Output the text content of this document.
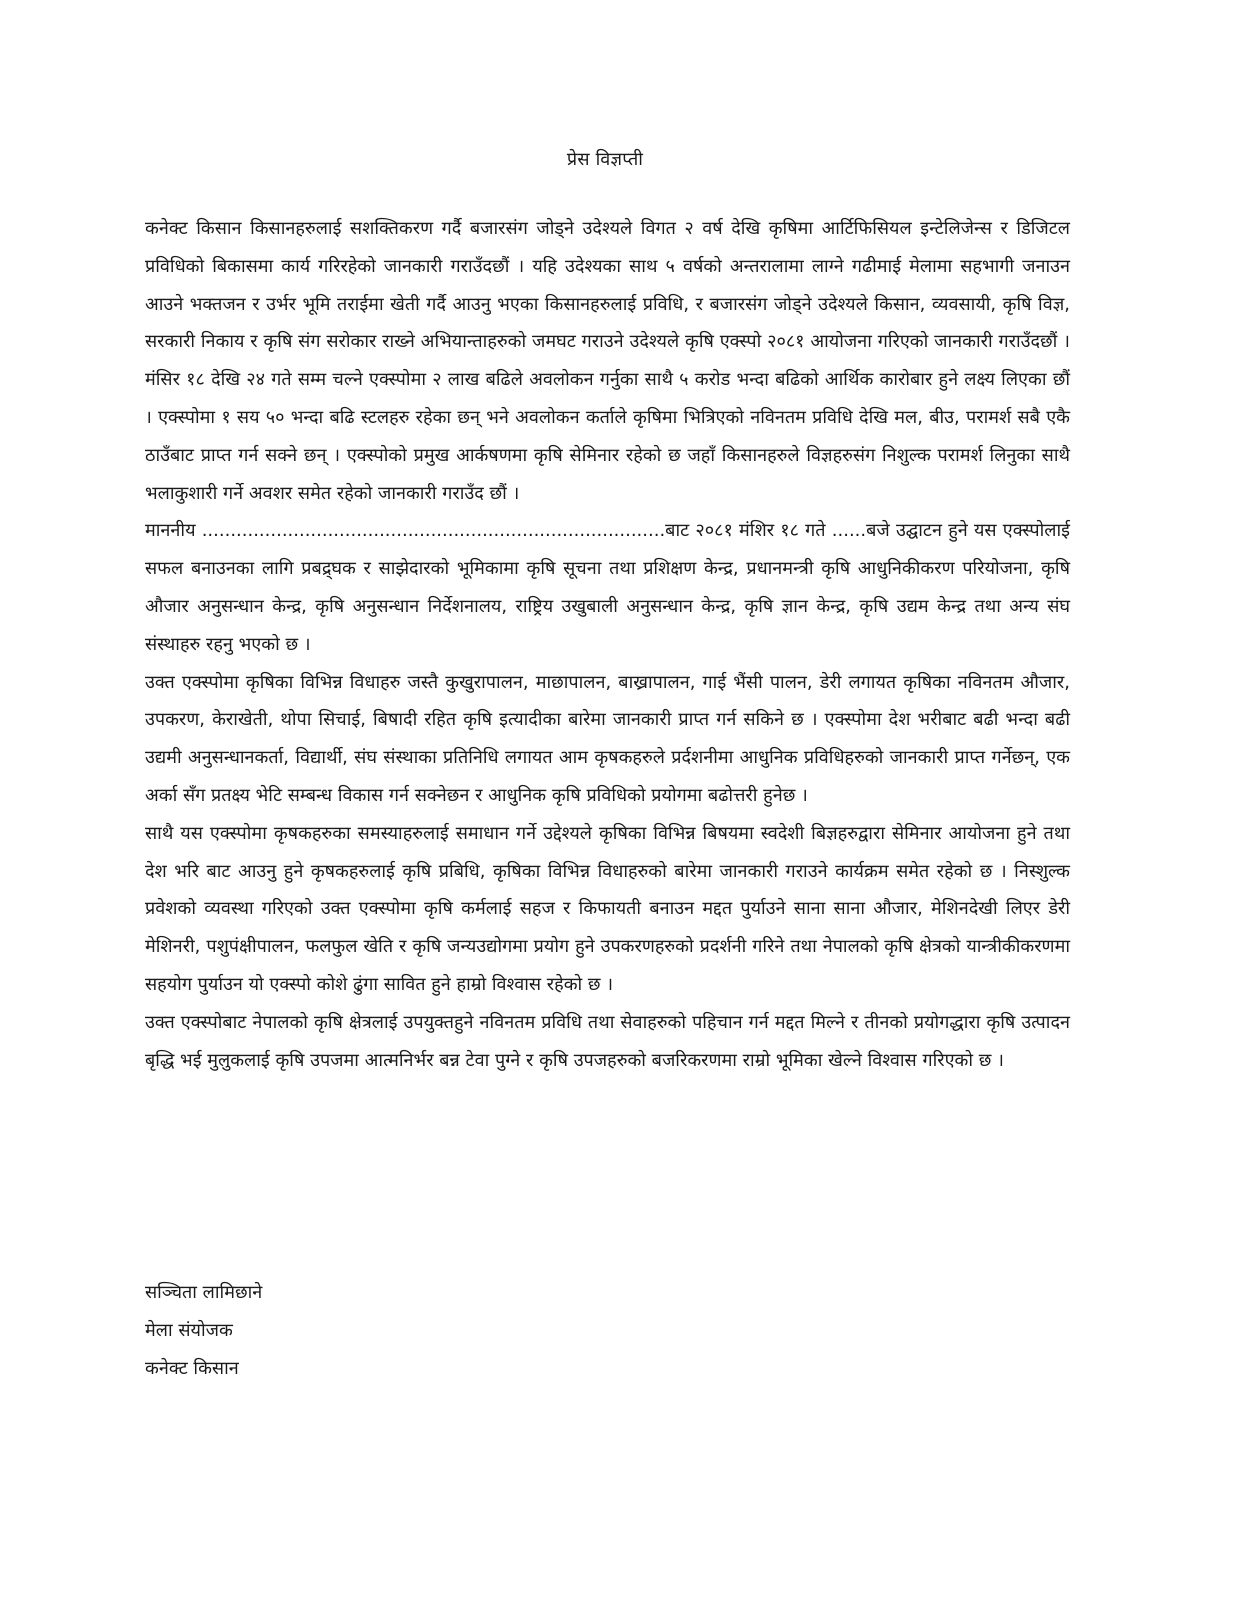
प्रेस विज्ञप्ती

कनेक्ट किसान किसानहरुलाई सशक्तिकरण गर्दै बजारसंग जोड्ने उदेश्यले विगत २ वर्ष देखि कृषिमा आर्टिफिसियल इन्टेलिजेन्स र डिजिटल प्रविधिको बिकासमा कार्य गरिरहेको जानकारी गराउँदछौं । यहि उदेश्यका साथ ५ वर्षको अन्तरालामा लाग्ने गढीमाई मेलामा सहभागी जनाउन आउने भक्तजन र उर्भर भूमि तराईमा खेती गर्दै आउनु भएका किसानहरुलाई प्रविधि, र बजारसंग जोड्ने उदेश्यले किसान, व्यवसायी, कृषि विज्ञ, सरकारी निकाय र कृषि संग सरोकार राख्ने अभियान्ताहरुको जमघट गराउने उदेश्यले कृषि एक्स्पो २०८१ आयोजना गरिएको जानकारी गराउँदछौं । मंसिर १८ देखि २४ गते सम्म चल्ने एक्स्पोमा २ लाख बढिले अवलोकन गर्नुका साथै ५ करोड भन्दा बढिको आर्थिक कारोबार हुने लक्ष्य लिएका छौं । एक्स्पोमा १ सय ५० भन्दा बढि स्टलहरु रहेका छन् भने अवलोकन कर्ताले कृषिमा भित्रिएको नविनतम प्रविधि देखि मल, बीउ, परामर्श सबै एकै ठाउँबाट प्राप्त गर्न सक्ने छन् । एक्स्पोको प्रमुख आर्कषणमा कृषि सेमिनार रहेको छ जहाँ किसानहरुले विज्ञहरुसंग निशुल्क परामर्श लिनुका साथै भलाकुशारी गर्ने अवशर समेत रहेको जानकारी गराउँद छौं ।

माननीय .................................................................................बाट २०८१ मंशिर १८ गते ......बजे उद्घाटन हुने यस एक्स्पोलाई सफल बनाउनका लागि प्रबद्र्घक र साझेदारको भूमिकामा कृषि सूचना तथा प्रशिक्षण केन्द्र, प्रधानमन्त्री कृषि आधुनिकीकरण परियोजना, कृषि औजार अनुसन्धान केन्द्र, कृषि अनुसन्धान निर्देशनालय, राष्ट्रिय उखुबाली अनुसन्धान केन्द्र, कृषि ज्ञान केन्द्र, कृषि उद्यम केन्द्र तथा अन्य संघ संस्थाहरु रहनु भएको छ ।

उक्त एक्स्पोमा कृषिका विभिन्न विधाहरु जस्तै कुखुरापालन, माछापालन, बाख्रापालन, गाई भैंसी पालन, डेरी लगायत कृषिका नविनतम औजार, उपकरण, केराखेती, थोपा सिचाई, बिषादी रहित कृषि इत्यादीका बारेमा जानकारी प्राप्त गर्न सकिने छ । एक्स्पोमा देश भरीबाट बढी भन्दा बढी उद्यमी अनुसन्धानकर्ता, विद्यार्थी, संघ संस्थाका प्रतिनिधि लगायत आम कृषकहरुले प्रर्दशनीमा आधुनिक प्रविधिहरुको जानकारी प्राप्त गर्नेछन्, एक अर्का सँग प्रतक्ष्य भेटि सम्बन्ध विकास गर्न सक्नेछन र आधुनिक कृषि प्रविधिको प्रयोगमा बढोत्तरी हुनेछ ।

साथै यस एक्स्पोमा कृषकहरुका समस्याहरुलाई समाधान गर्ने उद्देश्यले कृषिका विभिन्न बिषयमा स्वदेशी बिज्ञहरुद्वारा सेमिनार आयोजना हुने तथा देश भरि बाट आउनु हुने कृषकहरुलाई कृषि प्रबिधि, कृषिका विभिन्न विधाहरुको बारेमा जानकारी गराउने कार्यक्रम समेत रहेको छ । निस्शुल्क प्रवेशको व्यवस्था गरिएको उक्त एक्स्पोमा कृषि कर्मलाई सहज र किफायती बनाउन मद्दत पुर्याउने साना साना औजार, मेशिनदेखी लिएर डेरी मेशिनरी, पशुपंक्षीपालन, फलफुल खेति र कृषि जन्यउद्योगमा प्रयोग हुने उपकरणहरुको प्रदर्शनी गरिने तथा नेपालको कृषि क्षेत्रको यान्त्रीकीकरणमा सहयोग पुर्याउन यो एक्स्पो कोशे ढुंगा सावित हुने हाम्रो विश्वास रहेको छ ।

उक्त एक्स्पोबाट नेपालको कृषि क्षेत्रलाई उपयुक्तहुने नविनतम प्रविधि तथा सेवाहरुको पहिचान गर्न मद्दत मिल्ने र तीनको प्रयोगद्धारा कृषि उत्पादन बृद्धि भई मुलुकलाई कृषि उपजमा आत्मनिर्भर बन्न टेवा पुग्ने र कृषि उपजहरुको बजरिकरणमा राम्रो भूमिका खेल्ने विश्वास गरिएको छ ।

सञ्चिता लामिछाने
मेला संयोजक
कनेक्ट किसान
